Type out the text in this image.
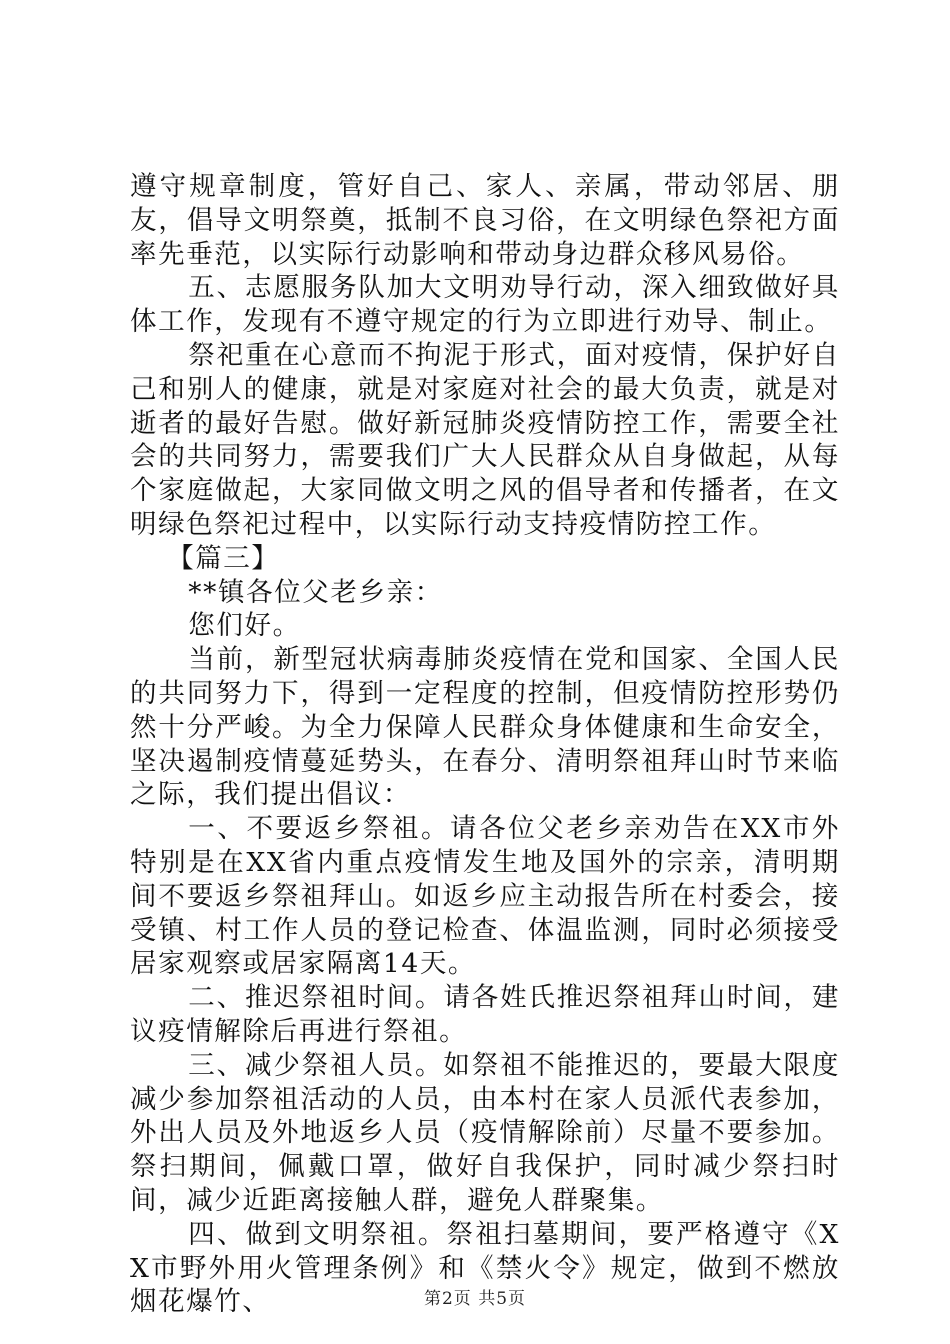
遵守规章制度，管好自己、家人、亲属，带动邻居、朋友，倡导文明祭奠，抵制不良习俗，在文明绿色祭祀方面率先垂范，以实际行动影响和带动身边群众移风易俗。

五、志愿服务队加大文明劝导行动，深入细致做好具体工作，发现有不遵守规定的行为立即进行劝导、制止。

祭祀重在心意而不拘泥于形式，面对疫情，保护好自己和别人的健康，就是对家庭对社会的最大负责，就是对逝者的最好告慰。做好新冠肺炎疫情防控工作，需要全社会的共同努力，需要我们广大人民群众从自身做起，从每个家庭做起，大家同做文明之风的倡导者和传播者，在文明绿色祭祀过程中，以实际行动支持疫情防控工作。

【篇三】

**镇各位父老乡亲：

您们好。

当前，新型冠状病毒肺炎疫情在党和国家、全国人民的共同努力下，得到一定程度的控制，但疫情防控形势仍然十分严峻。为全力保障人民群众身体健康和生命安全，坚决遏制疫情蔓延势头，在春分、清明祭祖拜山时节来临之际，我们提出倡议：

一、不要返乡祭祖。请各位父老乡亲劝告在XX市外特别是在XX省内重点疫情发生地及国外的宗亲，清明期间不要返乡祭祖拜山。如返乡应主动报告所在村委会，接受镇、村工作人员的登记检查、体温监测，同时必须接受居家观察或居家隔离14天。

二、推迟祭祖时间。请各姓氏推迟祭祖拜山时间，建议疫情解除后再进行祭祖。

三、减少祭祖人员。如祭祖不能推迟的，要最大限度减少参加祭祖活动的人员，由本村在家人员派代表参加，外出人员及外地返乡人员（疫情解除前）尽量不要参加。祭扫期间，佩戴口罩，做好自我保护，同时减少祭扫时间，减少近距离接触人群，避免人群聚集。

四、做到文明祭祖。祭祖扫墓期间，要严格遵守《XX市野外用火管理条例》和《禁火令》规定，做到不燃放烟花爆竹、	第2页 共5页
